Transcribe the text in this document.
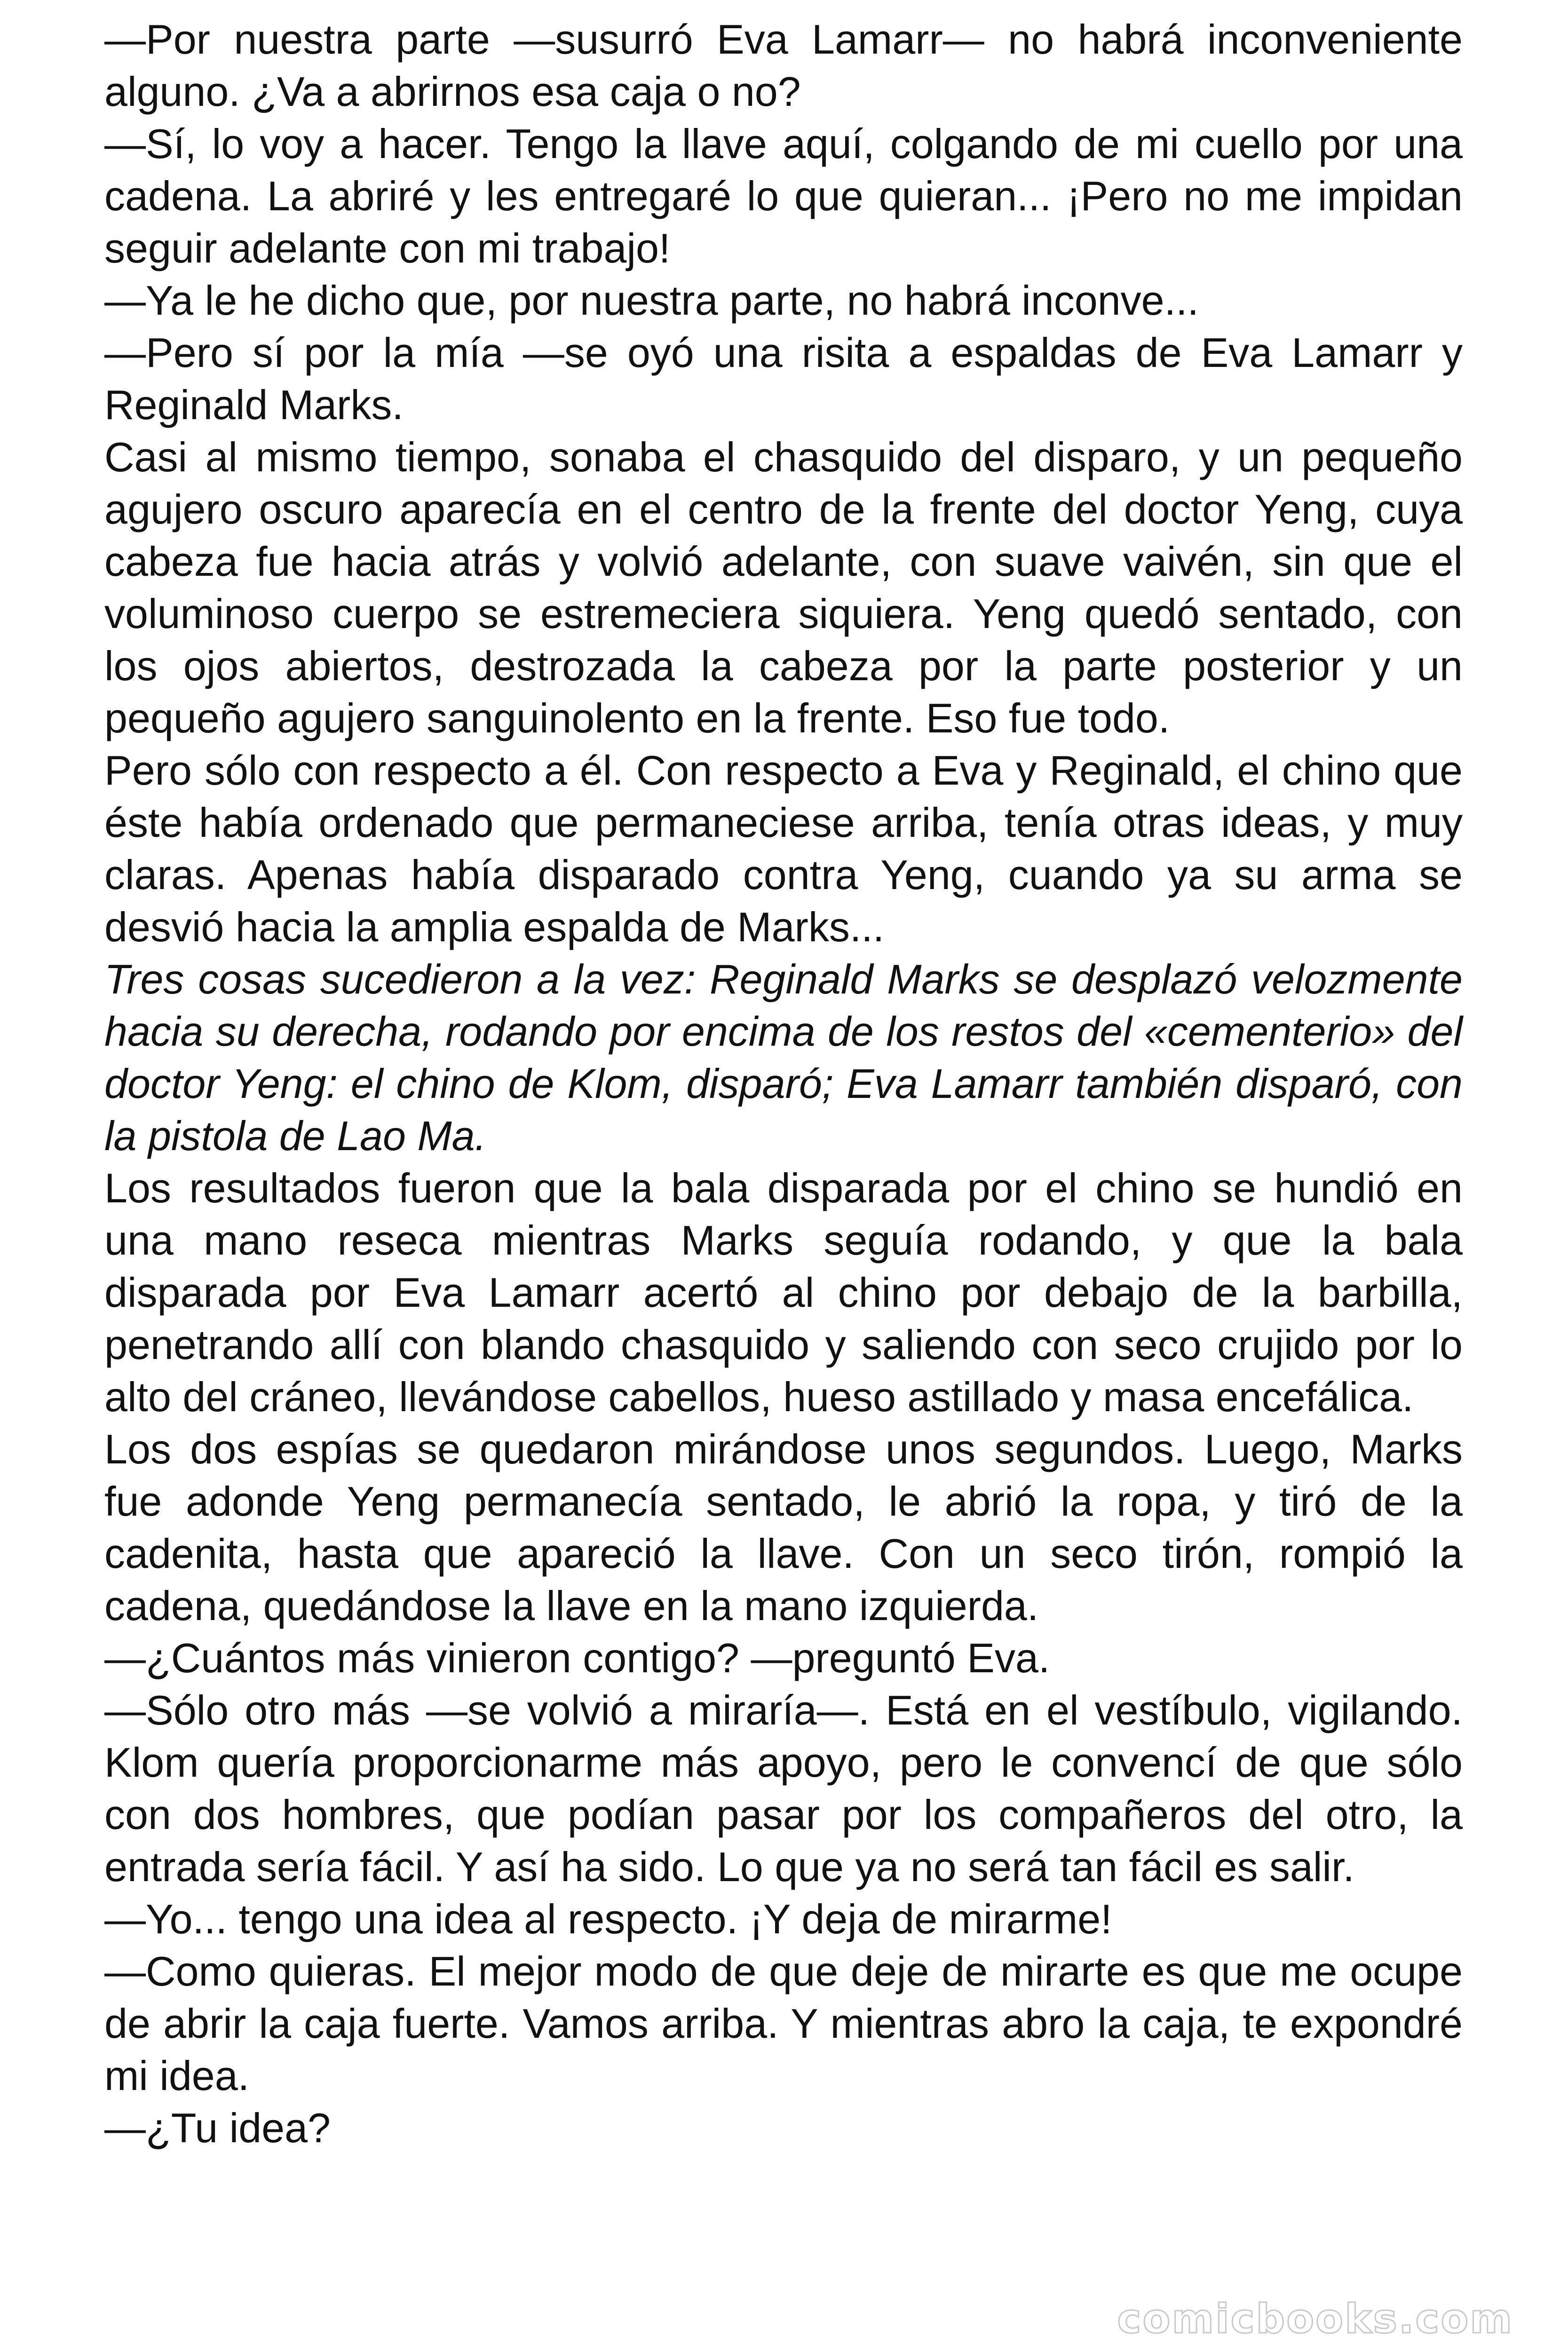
—Por nuestra parte —susurró Eva Lamarr— no habrá inconveniente alguno. ¿Va a abrirnos esa caja o no?

—Sí, lo voy a hacer. Tengo la llave aquí, colgando de mi cuello por una cadena. La abriré y les entregaré lo que quieran... ¡Pero no me impidan seguir adelante con mi trabajo!

—Ya le he dicho que, por nuestra parte, no habrá inconve...

—Pero sí por la mía —se oyó una risita a espaldas de Eva Lamarr y Reginald Marks.

Casi al mismo tiempo, sonaba el chasquido del disparo, y un pequeño agujero oscuro aparecía en el centro de la frente del doctor Yeng, cuya cabeza fue hacia atrás y volvió adelante, con suave vaivén, sin que el voluminoso cuerpo se estremeciera siquiera. Yeng quedó sentado, con los ojos abiertos, destrozada la cabeza por la parte posterior y un pequeño agujero sanguinolento en la frente. Eso fue todo.

Pero sólo con respecto a él. Con respecto a Eva y Reginald, el chino que éste había ordenado que permaneciese arriba, tenía otras ideas, y muy claras. Apenas había disparado contra Yeng, cuando ya su arma se desvió hacia la amplia espalda de Marks...

Tres cosas sucedieron a la vez: Reginald Marks se desplazó velozmente hacia su derecha, rodando por encima de los restos del «cementerio» del doctor Yeng: el chino de Klom, disparó; Eva Lamarr también disparó, con la pistola de Lao Ma.

Los resultados fueron que la bala disparada por el chino se hundió en una mano reseca mientras Marks seguía rodando, y que la bala disparada por Eva Lamarr acertó al chino por debajo de la barbilla, penetrando allí con blando chasquido y saliendo con seco crujido por lo alto del cráneo, llevándose cabellos, hueso astillado y masa encefálica.

Los dos espías se quedaron mirándose unos segundos. Luego, Marks fue adonde Yeng permanecía sentado, le abrió la ropa, y tiró de la cadenita, hasta que apareció la llave. Con un seco tirón, rompió la cadena, quedándose la llave en la mano izquierda.

—¿Cuántos más vinieron contigo? —preguntó Eva.

—Sólo otro más —se volvió a miraría—. Está en el vestíbulo, vigilando. Klom quería proporcionarme más apoyo, pero le convencí de que sólo con dos hombres, que podían pasar por los compañeros del otro, la entrada sería fácil. Y así ha sido. Lo que ya no será tan fácil es salir.

—Yo... tengo una idea al respecto. ¡Y deja de mirarme!

—Como quieras. El mejor modo de que deje de mirarte es que me ocupe de abrir la caja fuerte. Vamos arriba. Y mientras abro la caja, te expondré mi idea.

—¿Tu idea?

comicbooks.com
